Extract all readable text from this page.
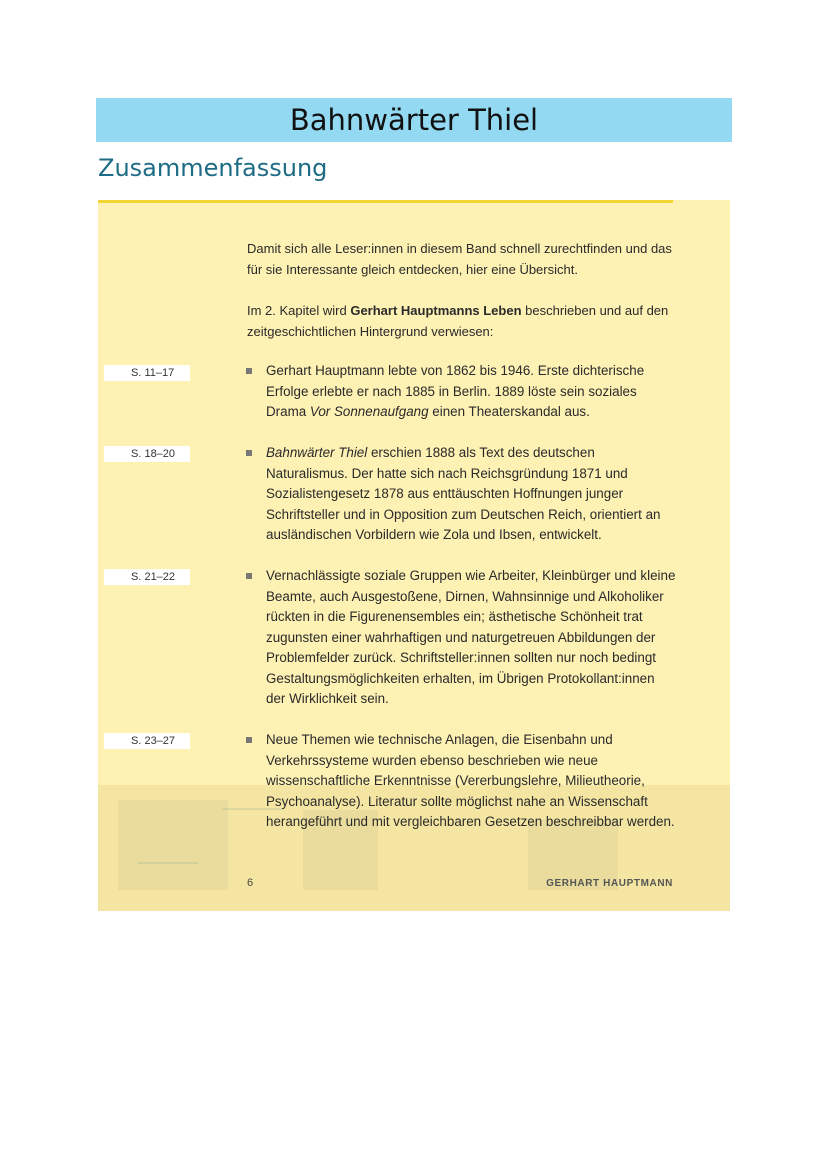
Bahnwärter Thiel
Zusammenfassung

Damit sich alle Leser:innen in diesem Band schnell zurechtfinden und das für sie Interessante gleich entdecken, hier eine Übersicht.

Im 2. Kapitel wird Gerhart Hauptmanns Leben beschrieben und auf den zeitgeschichtlichen Hintergrund verwiesen:

S. 11–17	Gerhart Hauptmann lebte von 1862 bis 1946. Erste dichterische Erfolge erlebte er nach 1885 in Berlin. 1889 löste sein soziales Drama Vor Sonnenaufgang einen Theaterskandal aus.

S. 18–20	Bahnwärter Thiel erschien 1888 als Text des deutschen Naturalismus. Der hatte sich nach Reichsgründung 1871 und Sozialistengesetz 1878 aus enttäuschten Hoffnungen junger Schriftsteller und in Opposition zum Deutschen Reich, orientiert an ausländischen Vorbildern wie Zola und Ibsen, entwickelt.

S. 21–22	Vernachlässigte soziale Gruppen wie Arbeiter, Kleinbürger und kleine Beamte, auch Ausgestoßene, Dirnen, Wahnsinnige und Alkoholiker rückten in die Figurenensembles ein; ästhetische Schönheit trat zugunsten einer wahrhaftigen und naturgetreuen Abbildungen der Problemfelder zurück. Schriftsteller:innen sollten nur noch bedingt Gestaltungsmöglichkeiten erhalten, im Übrigen Protokollant:innen der Wirklichkeit sein.

S. 23–27	Neue Themen wie technische Anlagen, die Eisenbahn und Verkehrssysteme wurden ebenso beschrieben wie neue wissenschaftliche Erkenntnisse (Vererbungslehre, Milieutheorie, Psychoanalyse). Literatur sollte möglichst nahe an Wissenschaft herangeführt und mit vergleichbaren Gesetzen beschreibbar werden.

6	GERHART HAUPTMANN
